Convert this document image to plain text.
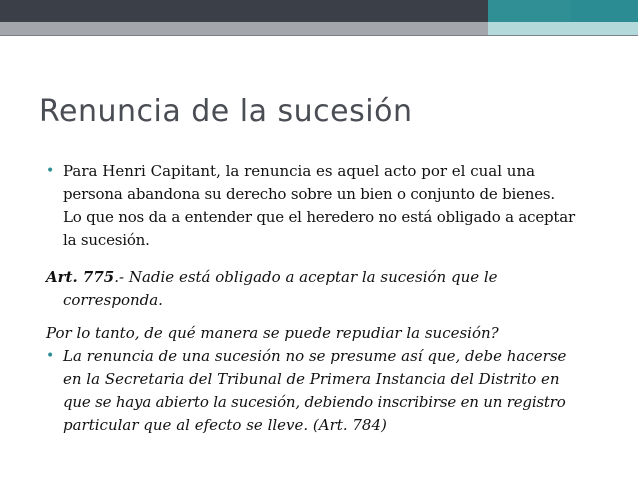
Renuncia de la sucesión
• Para Henri Capitant, la renuncia es aquel acto por el cual una
persona abandona su derecho sobre un bien o conjunto de bienes.
Lo que nos da a entender que el heredero no está obligado a aceptar
la sucesión.
Art. 775.- Nadie está obligado a aceptar la sucesión que le
corresponda.
Por lo tanto, de qué manera se puede repudiar la sucesión?
• La renuncia de una sucesión no se presume así que, debe hacerse
en la Secretaria del Tribunal de Primera Instancia del Distrito en
que se haya abierto la sucesión, debiendo inscribirse en un registro
particular que al efecto se lleve. (Art. 784)
